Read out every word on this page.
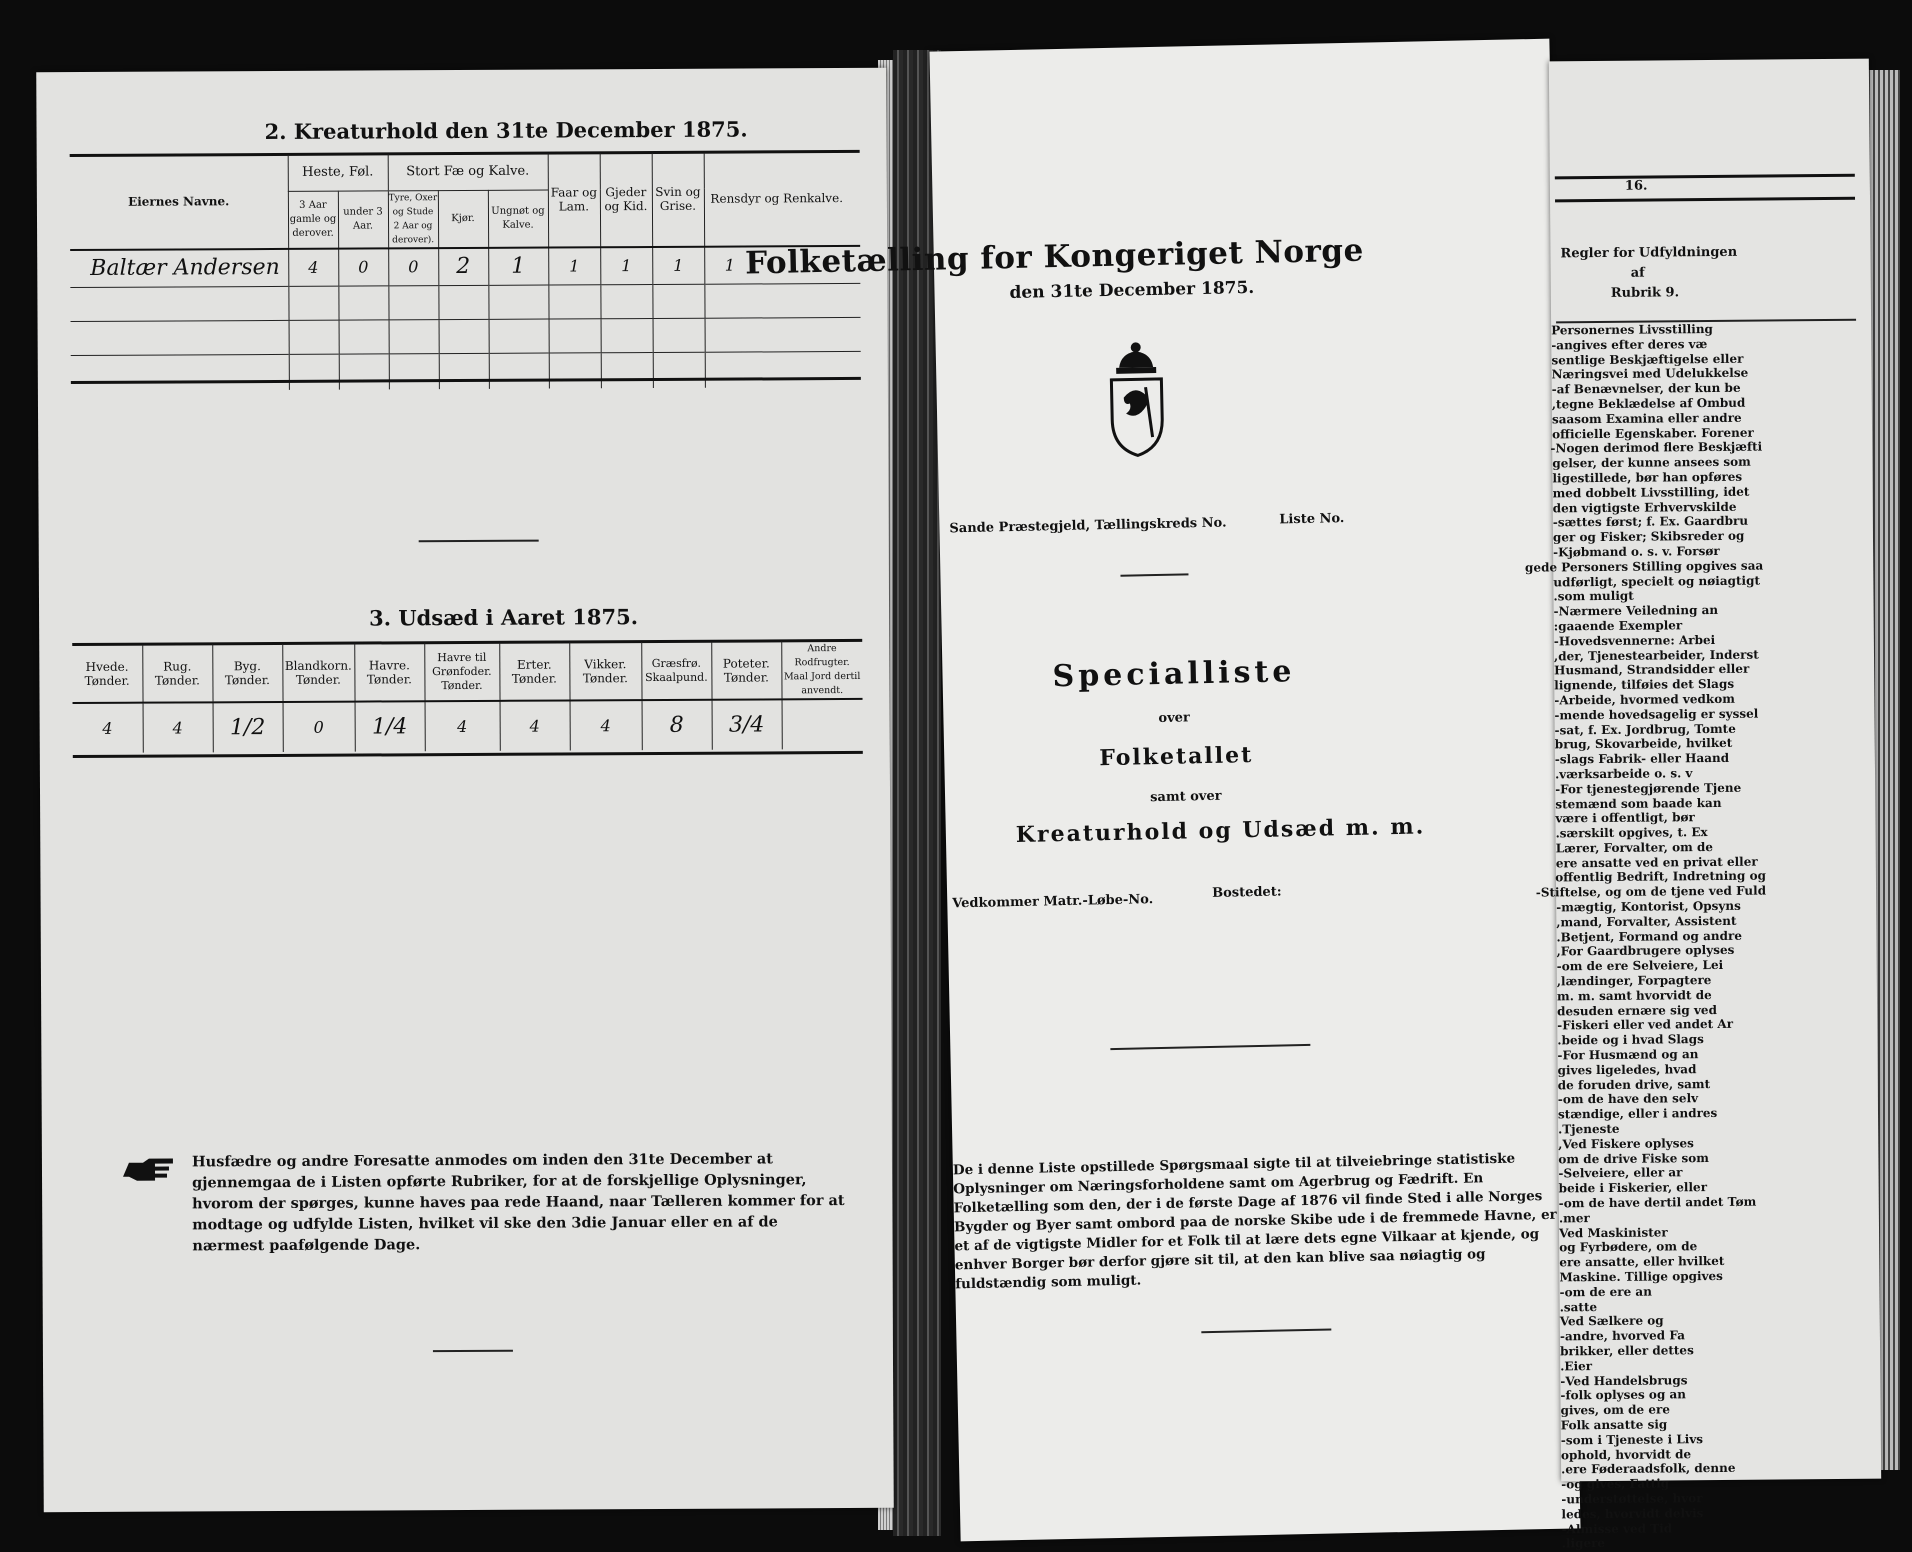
2. Kreaturhold den 31te December 1875.
Eiernes Navne.	Heste, Føl.		Stort Fæ og Kalve.			Faar og Lam.	Gjeder og Kid.	Svin og Grise.	Rensdyr og Renkalve.
	3 Aar gamle og derover.	under 3 Aar.	Tyre, Oxer og Stude 2 Aar og derover).	Kjør.	Ungnøt og Kalve.				
Baltær Andersen	4	0	0	2	1	1	1	1	1

3. Udsæd i Aaret 1875.
Hvede. Tønder.	Rug. Tønder.	Byg. Tønder.	Blandkorn. Tønder.	Havre. Tønder.	Havre til Grønfoder. Tønder.	Erter. Tønder.	Vikker. Tønder.	Græsfrø. Skaalpund.	Poteter. Tønder.	Andre Rodfrugter. Maal Jord dertil anvendt.
4	4	1/2	0	1/4	4	4	4	8	3/4	
Husfædre og andre Foresatte anmodes om inden den 31te December at gjennemgaa de i Listen opførte Rubriker, for at de forskjellige Oplysninger, hvorom der spørges, kunne haves paa rede Haand, naar Tælleren kommer for at modtage og udfylde Listen, hvilket vil ske den 3die Januar eller en af de nærmest paafølgende Dage.
Folketælling for Kongeriget Norge
den 31te December 1875.
Sande Præstegjeld, Tællingskreds No.	Liste No.
Specialliste
over
Folketallet
samt over
Kreaturhold og Udsæd m. m.
Vedkommer Matr.-Løbe-No.	Bostedet:
De i denne Liste opstillede Spørgsmaal sigte til at tilveiebringe statistiske Oplysninger om Næringsforholdene samt om Agerbrug og Fædrift. En Folketælling som den, der i de første Dage af 1876 vil finde Sted i alle Norges Bygder og Byer samt ombord paa de norske Skibe ude i de fremmede Havne, er et af de vigtigste Midler for et Folk til at lære dets egne Vilkaar at kjende, og enhver Borger bør derfor gjøre sit til, at den kan blive saa nøiagtig og fuldstændig som muligt.
16.
Regler for Udfyldningen
af
Rubrik 9.
Personernes Livsstilling
angives efter deres væ-
sentlige Beskjæftigelse eller
Næringsvei med Udelukkelse
af Benævnelser, der kun be-
tegne Beklædelse af Ombud,
saasom Examina eller andre
officielle Egenskaber. Forener
Nogen derimod flere Beskjæfti-
gelser, der kunne ansees som
ligestillede, bør han opføres
med dobbelt Livsstilling, idet
den vigtigste Erhvervskilde
sættes først; f. Ex. Gaardbru-
ger og Fisker; Skibsreder og
Kjøbmand o. s. v. Forsør-
gede Personers Stilling opgives saa
udførligt, specielt og nøiagtigt
som muligt.
Nærmere Veiledning an-
gaaende Exempler:
Hovedsvennerne: Arbei-
der, Tjenestearbeider, Inderst,
Husmand, Strandsidder eller
lignende, tilføies det Slags
Arbeide, hvormed vedkom-
mende hovedsagelig er syssel-
sat, f. Ex. Jordbrug, Tomte-
brug, Skovarbeide, hvilket
slags Fabrik- eller Haand-
værksarbeide o. s. v.
For tjenestegjørende Tjene-
stemænd som baade kan
være i offentligt, bør
særskilt opgives, t. Ex.
Lærer, Forvalter, om de
ere ansatte ved en privat eller
offentlig Bedrift, Indretning og
Stiftelse, og om de tjene ved Fuld-
mægtig, Kontorist, Opsyns-
mand, Forvalter, Assistent,
Betjent, Formand og andre.
For Gaardbrugere oplyses,
om de ere Selveiere, Lei-
lændinger, Forpagtere,
m. m. samt hvorvidt de
desuden ernære sig ved
Fiskeri eller ved andet Ar-
beide og i hvad Slags.
For Husmænd og an-
gives ligeledes, hvad
de foruden drive, samt
om de have den selv-
stændige, eller i andres
Tjeneste.
Ved Fiskere oplyses,
om de drive Fiske som
Selveiere, eller ar-
beide i Fiskerier, eller
om de have dertil andet Tøm-
mer.
Ved Maskinister
og Fyrbødere, om de
ere ansatte, eller hvilket
Maskine. Tillige opgives
om de ere an-
satte.
Ved Sælkere og
andre, hvorved Fa-
brikker, eller dettes
Eier.
Ved Handelsbrugs-
folk oplyses og an-
gives, om de ere
Folk ansatte sig
som i Tjeneste i Livs-
ophold, hvorvidt de
ere Føderaadsfolk, denne.
og gives, Fattig-
understøttelse, hvor-
ledes, hvorvidt delvis
Almisse ved Tid-
ligere.
